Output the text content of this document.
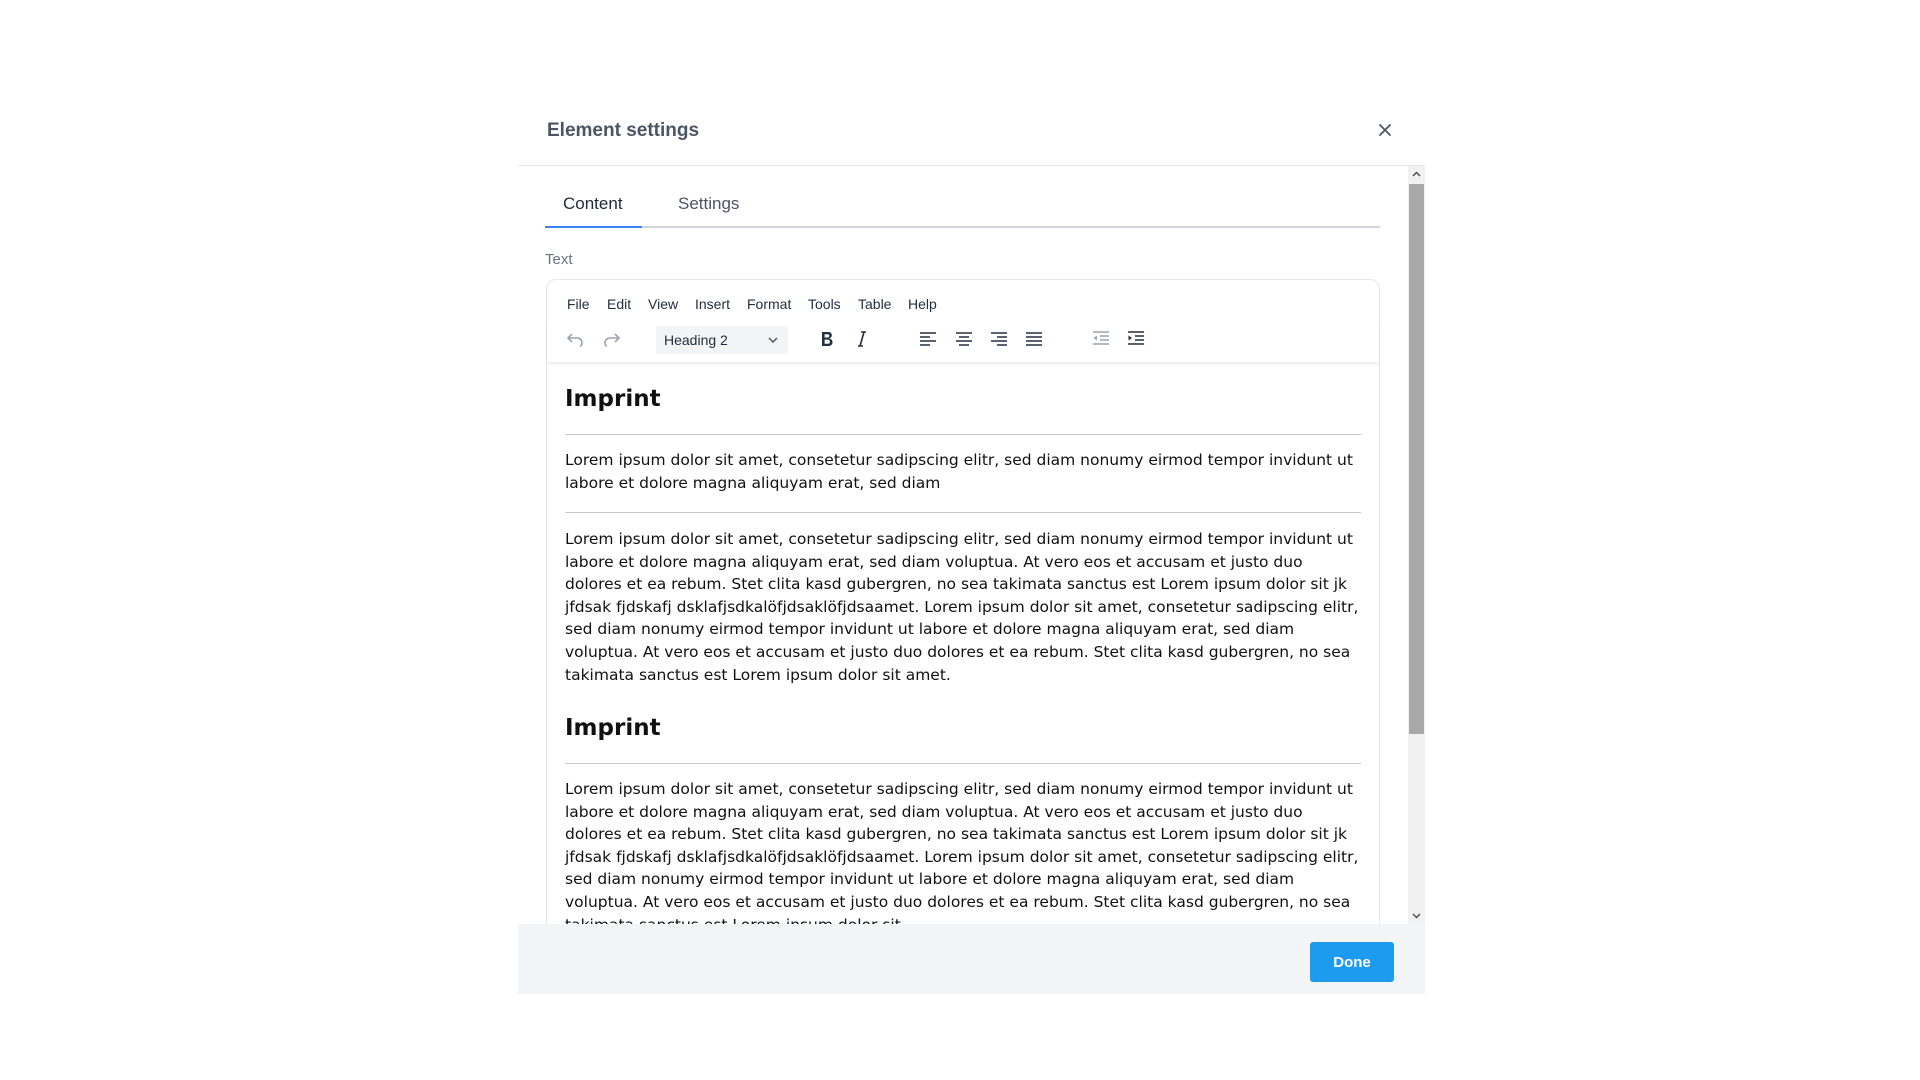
Element settings
Content	Settings
Text
File Edit View Insert Format Tools Table Help
Heading 2
Imprint
Lorem ipsum dolor sit amet, consetetur sadipscing elitr, sed diam nonumy eirmod tempor invidunt ut labore et dolore magna aliquyam erat, sed diam
Lorem ipsum dolor sit amet, consetetur sadipscing elitr, sed diam nonumy eirmod tempor invidunt ut labore et dolore magna aliquyam erat, sed diam voluptua. At vero eos et accusam et justo duo dolores et ea rebum. Stet clita kasd gubergren, no sea takimata sanctus est Lorem ipsum dolor sit jk jfdsak fjdskafj dsklafjsdkalöfjdsaklöfjdsaamet. Lorem ipsum dolor sit amet, consetetur sadipscing elitr, sed diam nonumy eirmod tempor invidunt ut labore et dolore magna aliquyam erat, sed diam voluptua. At vero eos et accusam et justo duo dolores et ea rebum. Stet clita kasd gubergren, no sea takimata sanctus est Lorem ipsum dolor sit amet.
Imprint
Lorem ipsum dolor sit amet, consetetur sadipscing elitr, sed diam nonumy eirmod tempor invidunt ut labore et dolore magna aliquyam erat, sed diam voluptua. At vero eos et accusam et justo duo dolores et ea rebum. Stet clita kasd gubergren, no sea takimata sanctus est Lorem ipsum dolor sit jk jfdsak fjdskafj dsklafjsdkalöfjdsaklöfjdsaamet. Lorem ipsum dolor sit amet, consetetur sadipscing elitr, sed diam nonumy eirmod tempor invidunt ut labore et dolore magna aliquyam erat, sed diam voluptua. At vero eos et accusam et justo duo dolores et ea rebum. Stet clita kasd gubergren, no sea
Done
